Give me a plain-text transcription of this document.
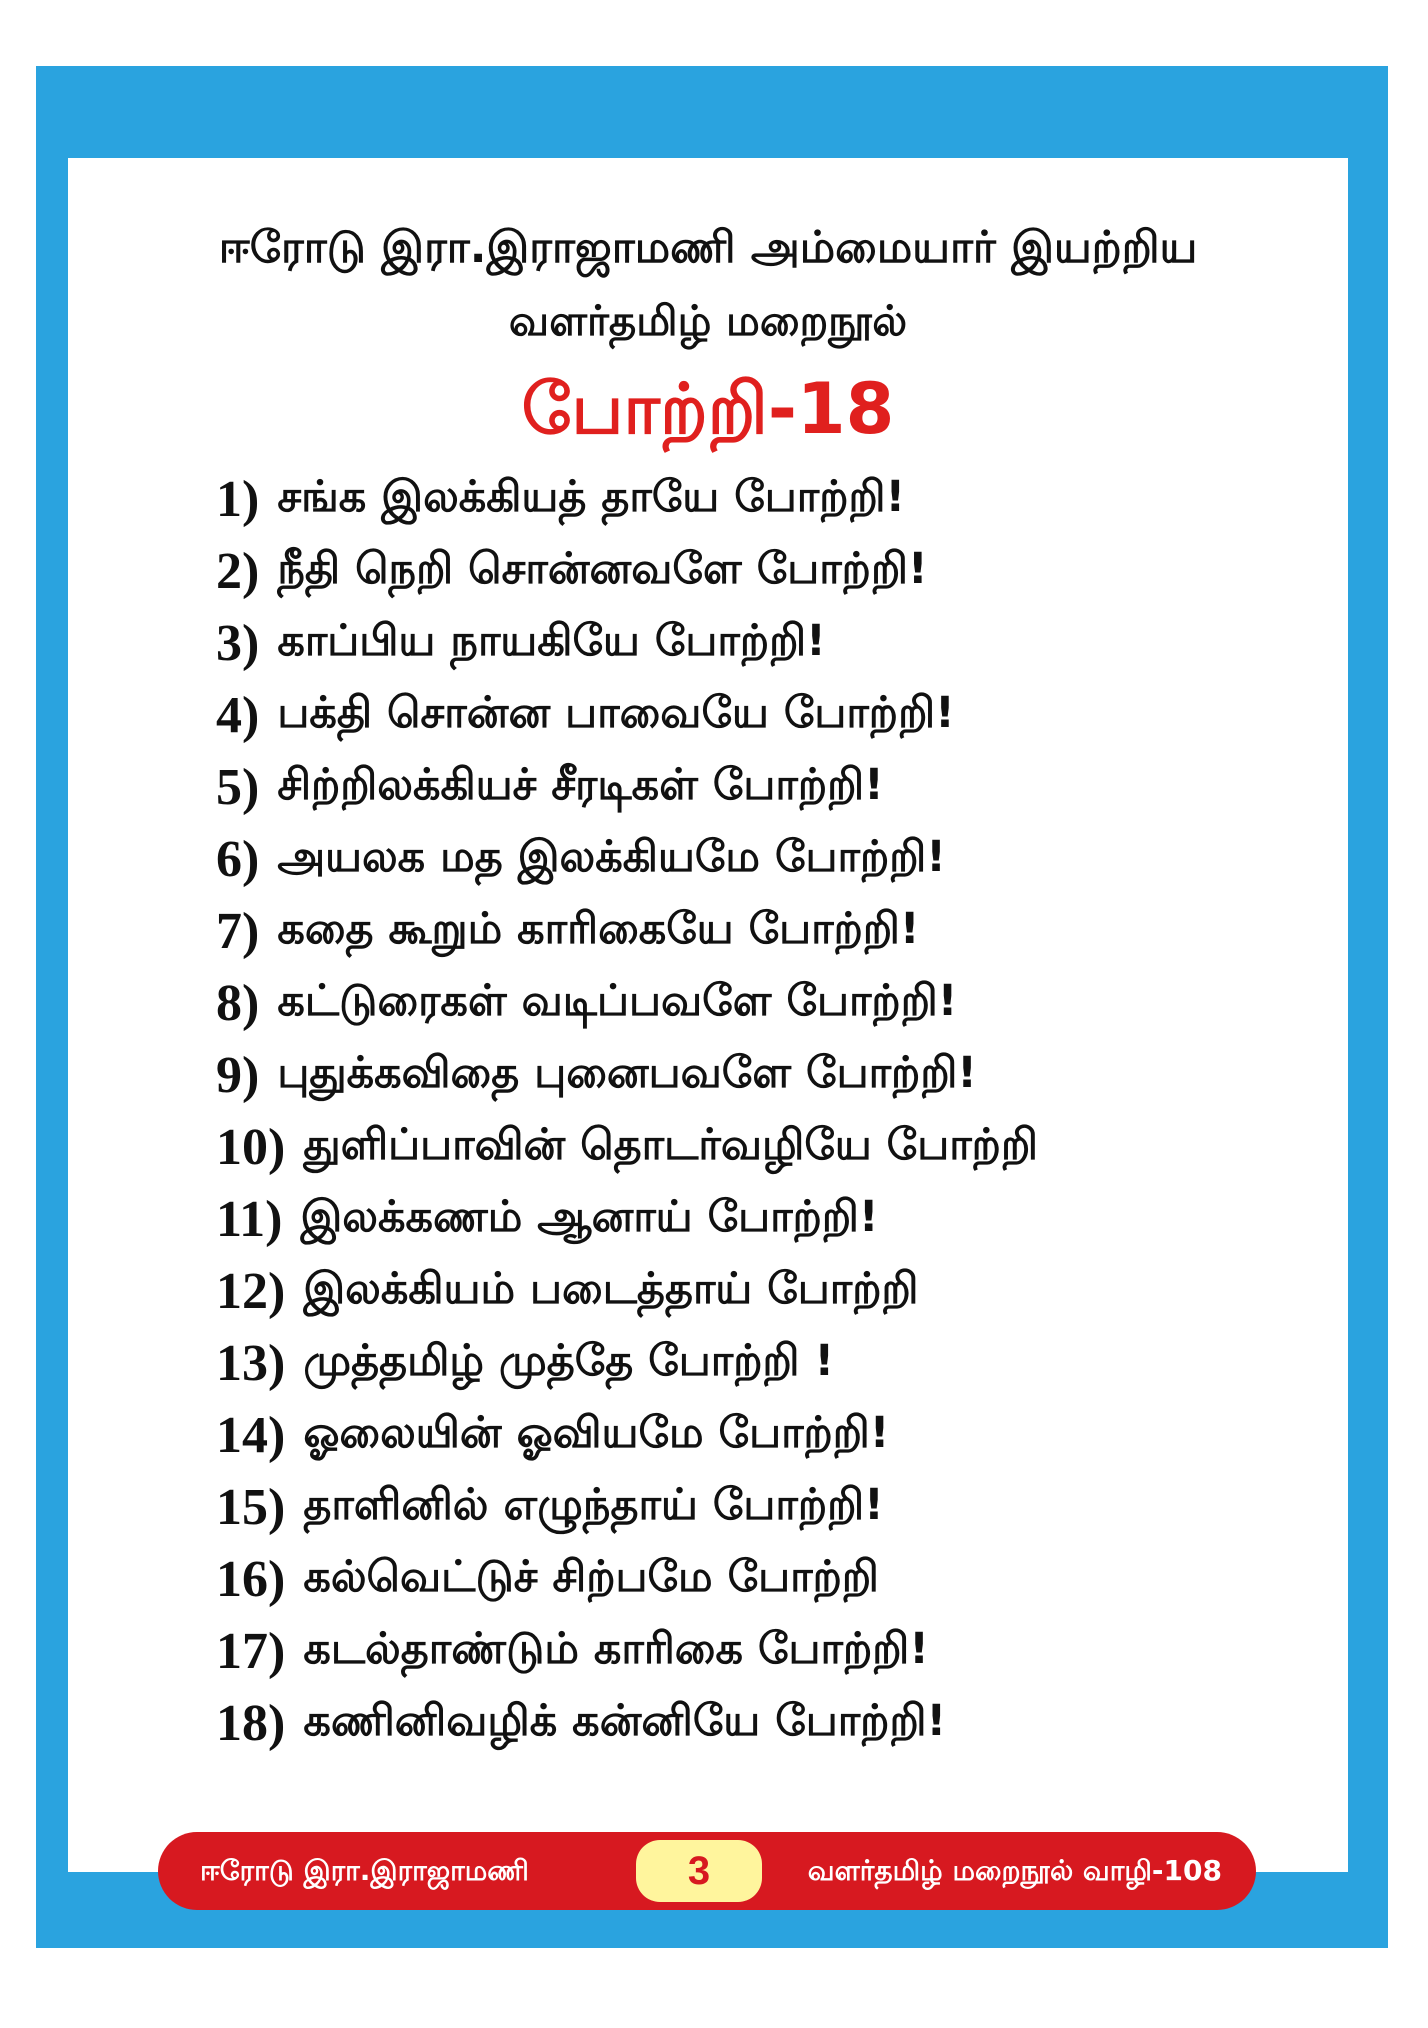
ஈரோடு இரா.இராஜாமணி அம்மையார் இயற்றிய
வளர்தமிழ் மறைநூல்
போற்றி-18
1) சங்க இலக்கியத் தாயே போற்றி!
2) நீதி நெறி சொன்னவளே போற்றி!
3) காப்பிய நாயகியே போற்றி!
4) பக்தி சொன்ன பாவையே போற்றி!
5) சிற்றிலக்கியச் சீரடிகள் போற்றி!
6) அயலக மத இலக்கியமே போற்றி!
7) கதை கூறும் காரிகையே போற்றி!
8) கட்டுரைகள் வடிப்பவளே போற்றி!
9) புதுக்கவிதை புனைபவளே போற்றி!
10) துளிப்பாவின் தொடர்வழியே போற்றி
11) இலக்கணம் ஆனாய் போற்றி!
12) இலக்கியம் படைத்தாய் போற்றி
13) முத்தமிழ் முத்தே போற்றி !
14) ஓலையின் ஓவியமே போற்றி!
15) தாளினில் எழுந்தாய் போற்றி!
16) கல்வெட்டுச் சிற்பமே போற்றி
17) கடல்தாண்டும் காரிகை போற்றி!
18) கணினிவழிக் கன்னியே போற்றி!
ஈரோடு இரா.இராஜாமணி	3	வளர்தமிழ் மறைநூல் வாழி-108
